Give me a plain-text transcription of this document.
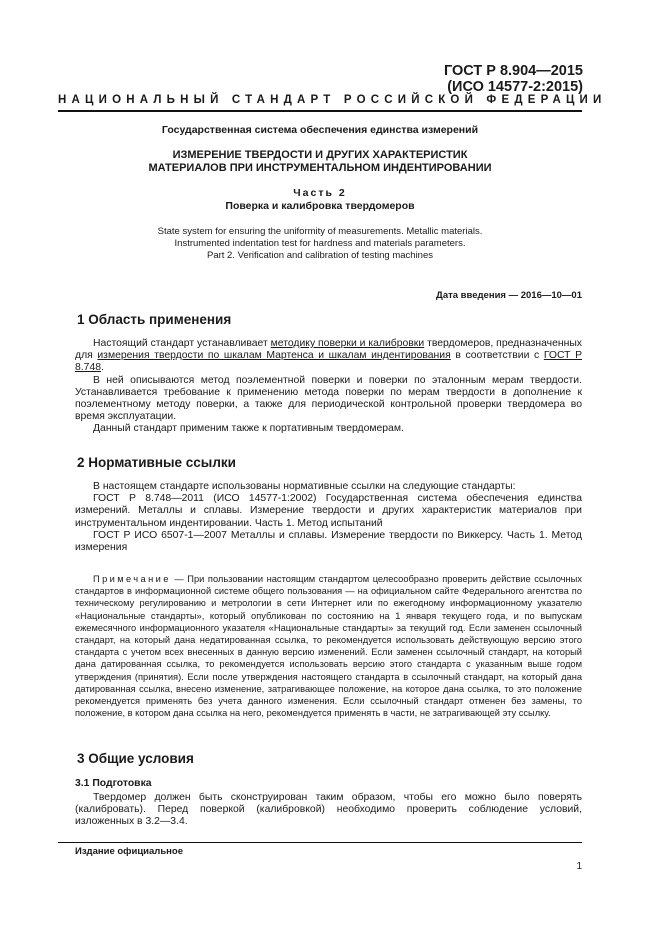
ГОСТ Р 8.904—2015
(ИСО 14577-2:2015)
НАЦИОНАЛЬНЫЙ СТАНДАРТ РОССИЙСКОЙ ФЕДЕРАЦИИ
Государственная система обеспечения единства измерений
ИЗМЕРЕНИЕ ТВЕРДОСТИ И ДРУГИХ ХАРАКТЕРИСТИК
МАТЕРИАЛОВ ПРИ ИНСТРУМЕНТАЛЬНОМ ИНДЕНТИРОВАНИИ
Часть 2
Поверка и калибровка твердомеров
State system for ensuring the uniformity of measurements. Metallic materials.
Instrumented indentation test for hardness and materials parameters.
Part 2. Verification and calibration of testing machines
Дата введения — 2016—10—01
1 Область применения

Настоящий стандарт устанавливает методику поверки и калибровки твердомеров, предназначенных для измерения твердости по шкалам Мартенса и шкалам индентирования в соответствии с ГОСТ Р 8.748.

В ней описываются метод поэлементной поверки и поверки по эталонным мерам твердости. Устанавливается требование к применению метода поверки по мерам твердости в дополнение к поэлементному методу поверки, а также для периодической контрольной проверки твердомера во время эксплуатации.

Данный стандарт применим также к портативным твердомерам.

2 Нормативные ссылки

В настоящем стандарте использованы нормативные ссылки на следующие стандарты:

ГОСТ Р 8.748—2011 (ИСО 14577-1:2002) Государственная система обеспечения единства измерений. Металлы и сплавы. Измерение твердости и других характеристик материалов при инструментальном индентировании. Часть 1. Метод испытаний

ГОСТ Р ИСО 6507-1—2007 Металлы и сплавы. Измерение твердости по Виккерсу. Часть 1. Метод измерения

Примечание — При пользовании настоящим стандартом целесообразно проверить действие ссылочных стандартов в информационной системе общего пользования — на официальном сайте Федерального агентства по техническому регулированию и метрологии в сети Интернет или по ежегодному информационному указателю «Национальные стандарты», который опубликован по состоянию на 1 января текущего года, и по выпускам ежемесячного информационного указателя «Национальные стандарты» за текущий год. Если заменен ссылочный стандарт, на который дана недатированная ссылка, то рекомендуется использовать действующую версию этого стандарта с учетом всех внесенных в данную версию изменений. Если заменен ссылочный стандарт, на который дана датированная ссылка, то рекомендуется использовать версию этого стандарта с указанным выше годом утверждения (принятия). Если после утверждения настоящего стандарта в ссылочный стандарт, на который дана датированная ссылка, внесено изменение, затрагивающее положение, на которое дана ссылка, то это положение рекомендуется применять без учета данного изменения. Если ссылочный стандарт отменен без замены, то положение, в котором дана ссылка на него, рекомендуется применять в части, не затрагивающей эту ссылку.

3 Общие условия
3.1 Подготовка

Твердомер должен быть сконструирован таким образом, чтобы его можно было поверять (калибровать). Перед поверкой (калибровкой) необходимо проверить соблюдение условий, изложенных в 3.2—3.4.

Издание официальное
1
